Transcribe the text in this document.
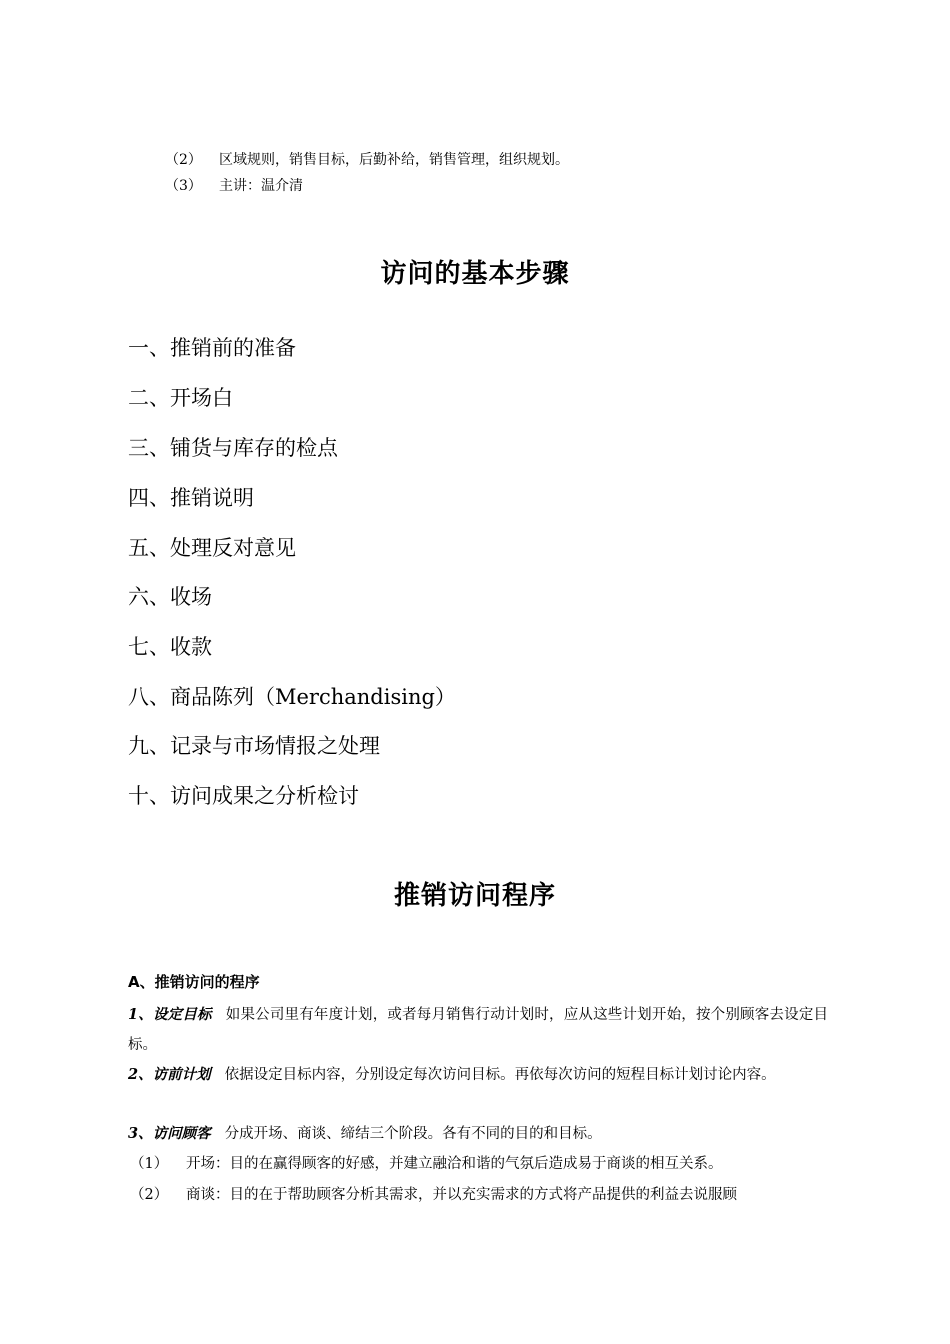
（2） 区域规则，销售目标，后勤补给，销售管理，组织规划。
（3） 主讲：温介清
访问的基本步骤
一、推销前的准备
二、开场白
三、铺货与库存的检点
四、推销说明
五、处理反对意见
六、收场
七、收款
八、商品陈列（Merchandising）
九、记录与市场情报之处理
十、访问成果之分析检讨
推销访问程序
A、推销访问的程序
1、设定目标 如果公司里有年度计划，或者每月销售行动计划时，应从这些计划开始，按个别顾客去设定目标。
2、访前计划 依据设定目标内容，分别设定每次访问目标。再依每次访问的短程目标计划讨论内容。
3、访问顾客 分成开场、商谈、缔结三个阶段。各有不同的目的和目标。
（1） 开场：目的在赢得顾客的好感，并建立融洽和谐的气氛后造成易于商谈的相互关系。
（2） 商谈：目的在于帮助顾客分析其需求，并以充实需求的方式将产品提供的利益去说服顾
